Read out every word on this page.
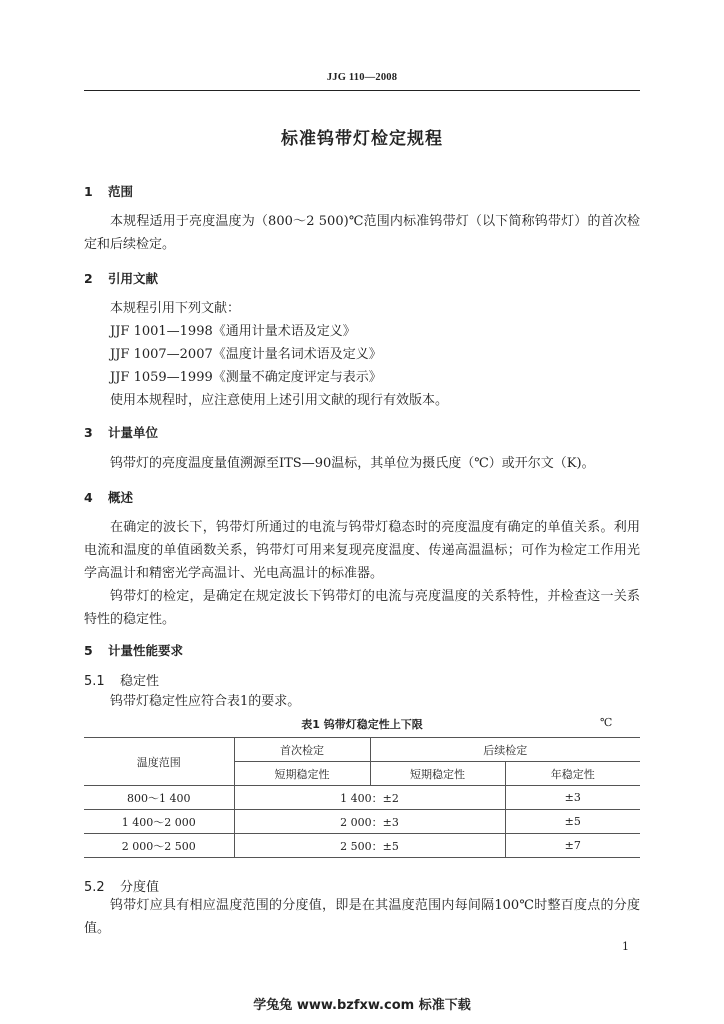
JJG 110—2008
标准钨带灯检定规程
1 范围
本规程适用于亮度温度为（800～2 500)℃范围内标准钨带灯（以下简称钨带灯）的首次检定和后续检定。
2 引用文献
本规程引用下列文献：
JJF 1001—1998《通用计量术语及定义》
JJF 1007—2007《温度计量名词术语及定义》
JJF 1059—1999《测量不确定度评定与表示》
使用本规程时，应注意使用上述引用文献的现行有效版本。
3 计量单位
钨带灯的亮度温度量值溯源至ITS—90温标，其单位为摄氏度（℃）或开尔文（K)。
4 概述
在确定的波长下，钨带灯所通过的电流与钨带灯稳态时的亮度温度有确定的单值关系。利用电流和温度的单值函数关系，钨带灯可用来复现亮度温度、传递高温温标；可作为检定工作用光学高温计和精密光学高温计、光电高温计的标准器。
钨带灯的检定，是确定在规定波长下钨带灯的电流与亮度温度的关系特性，并检查这一关系特性的稳定性。
5 计量性能要求
5.1 稳定性
钨带灯稳定性应符合表1的要求。
表1 钨带灯稳定性上下限	℃
温度范围	首次检定	后续检定	
	短期稳定性	短期稳定性	年稳定性
800～1 400	1 400：±2		±3
1 400～2 000	2 000：±3		±5
2 000～2 500	2 500：±5		±7
5.2 分度值
钨带灯应具有相应温度范围的分度值，即是在其温度范围内每间隔100℃时整百度点的分度值。
1
学兔兔 www.bzfxw.com 标准下载
